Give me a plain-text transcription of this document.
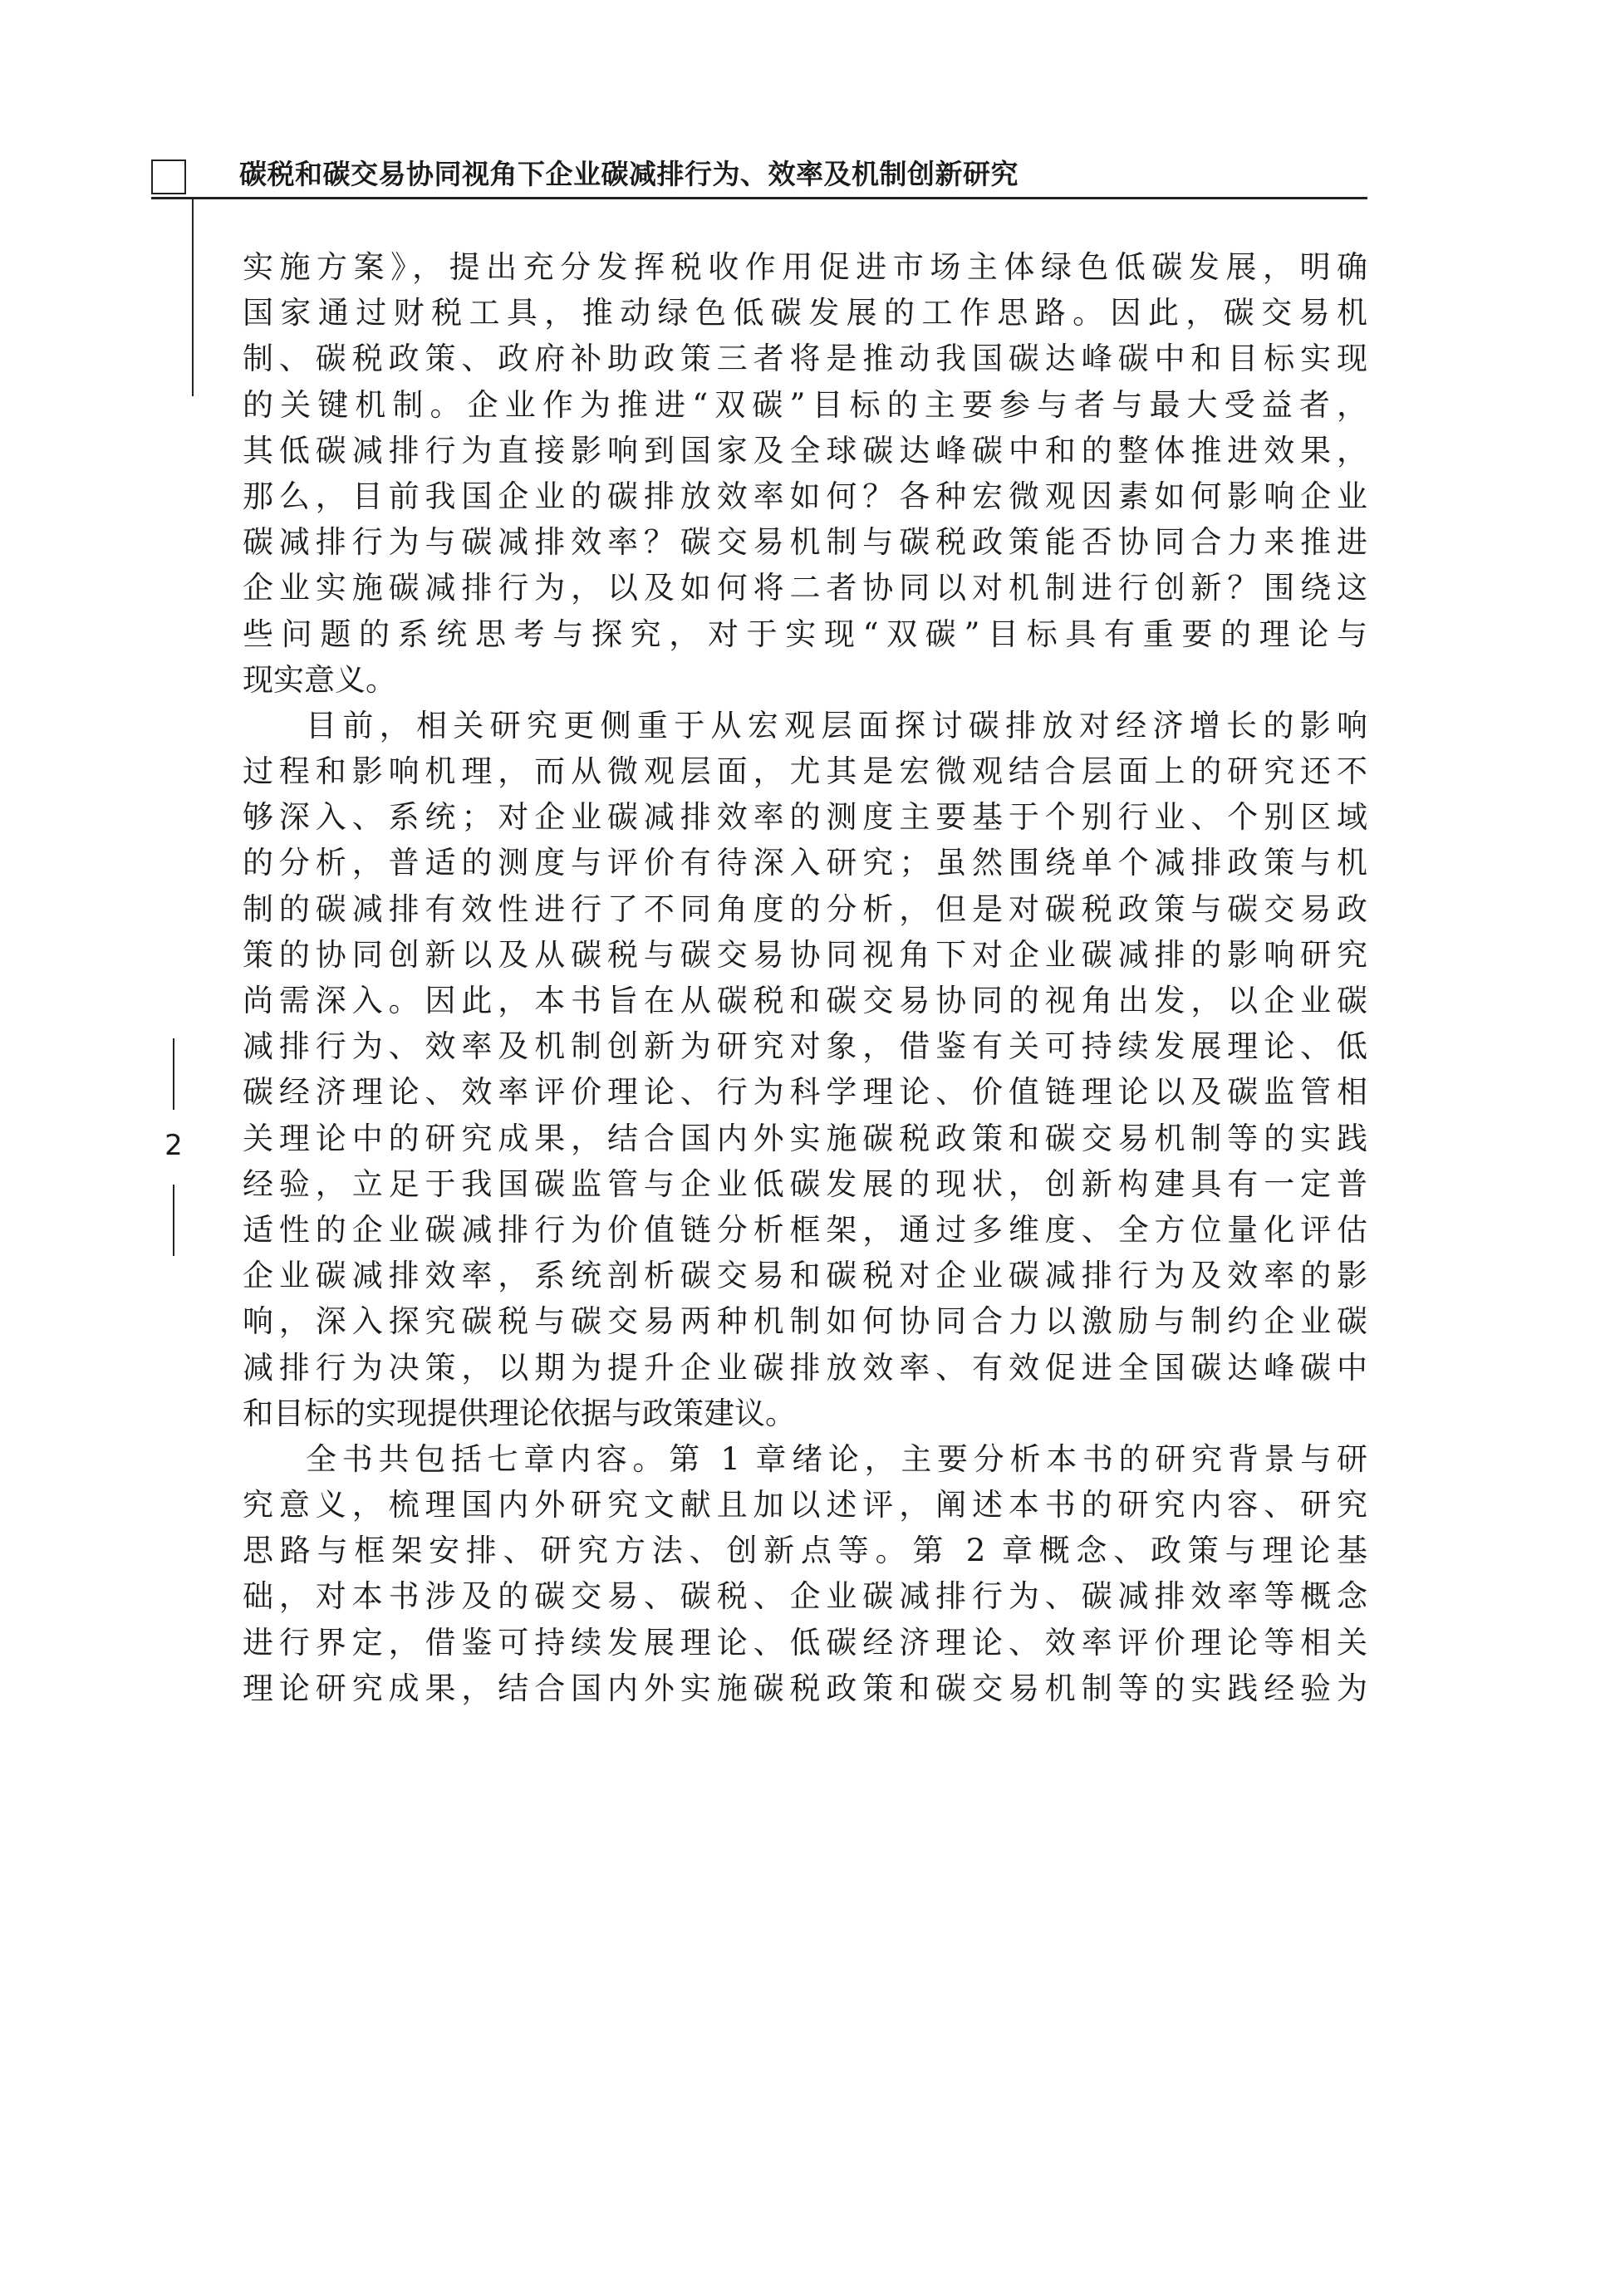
碳税和碳交易协同视角下企业碳减排行为、效率及机制创新研究
2
实施方案》，提出充分发挥税收作用促进市场主体绿色低碳发展，明确
国家通过财税工具，推动绿色低碳发展的工作思路。因此，碳交易机
制、碳税政策、政府补助政策三者将是推动我国碳达峰碳中和目标实现
的关键机制。企业作为推进“双碳”目标的主要参与者与最大受益者，
其低碳减排行为直接影响到国家及全球碳达峰碳中和的整体推进效果，
那么，目前我国企业的碳排放效率如何？各种宏微观因素如何影响企业
碳减排行为与碳减排效率？碳交易机制与碳税政策能否协同合力来推进
企业实施碳减排行为，以及如何将二者协同以对机制进行创新？围绕这
些问题的系统思考与探究，对于实现“双碳”目标具有重要的理论与
现实意义。
目前，相关研究更侧重于从宏观层面探讨碳排放对经济增长的影响
过程和影响机理，而从微观层面，尤其是宏微观结合层面上的研究还不
够深入、系统；对企业碳减排效率的测度主要基于个别行业、个别区域
的分析，普适的测度与评价有待深入研究；虽然围绕单个减排政策与机
制的碳减排有效性进行了不同角度的分析，但是对碳税政策与碳交易政
策的协同创新以及从碳税与碳交易协同视角下对企业碳减排的影响研究
尚需深入。因此，本书旨在从碳税和碳交易协同的视角出发，以企业碳
减排行为、效率及机制创新为研究对象，借鉴有关可持续发展理论、低
碳经济理论、效率评价理论、行为科学理论、价值链理论以及碳监管相
关理论中的研究成果，结合国内外实施碳税政策和碳交易机制等的实践
经验，立足于我国碳监管与企业低碳发展的现状，创新构建具有一定普
适性的企业碳减排行为价值链分析框架，通过多维度、全方位量化评估
企业碳减排效率，系统剖析碳交易和碳税对企业碳减排行为及效率的影
响，深入探究碳税与碳交易两种机制如何协同合力以激励与制约企业碳
减排行为决策，以期为提升企业碳排放效率、有效促进全国碳达峰碳中
和目标的实现提供理论依据与政策建议。
全书共包括七章内容。第 1 章绪论，主要分析本书的研究背景与研
究意义，梳理国内外研究文献且加以述评，阐述本书的研究内容、研究
思路与框架安排、研究方法、创新点等。第 2 章概念、政策与理论基
础，对本书涉及的碳交易、碳税、企业碳减排行为、碳减排效率等概念
进行界定，借鉴可持续发展理论、低碳经济理论、效率评价理论等相关
理论研究成果，结合国内外实施碳税政策和碳交易机制等的实践经验为
